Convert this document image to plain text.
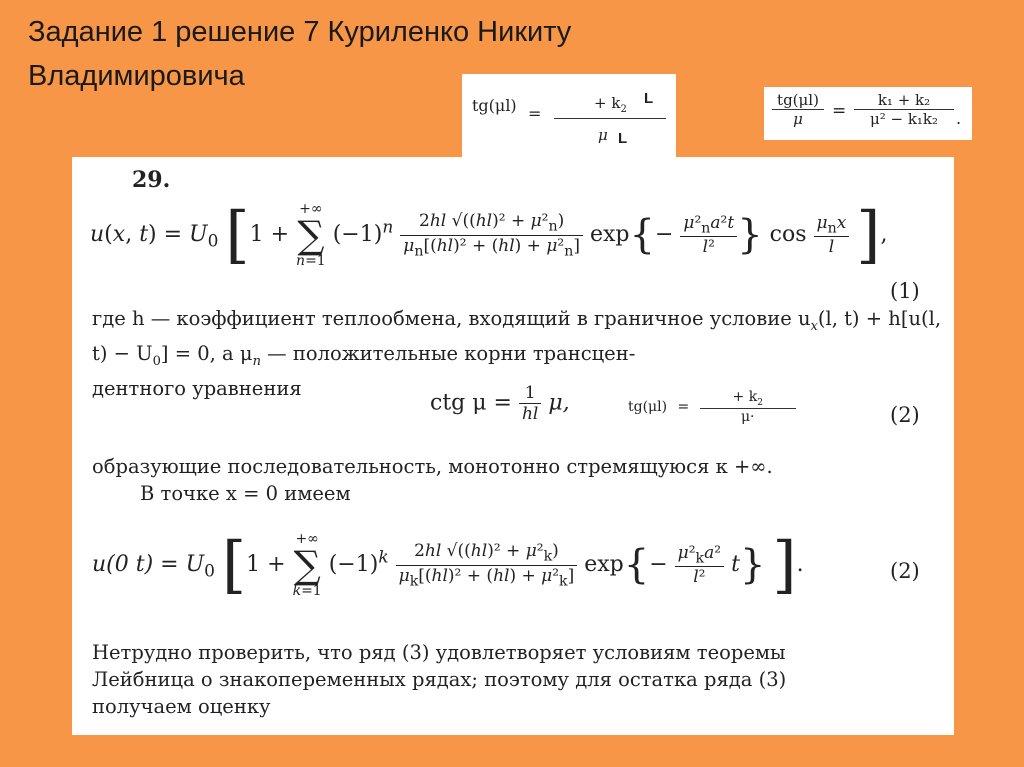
Задание 1 решение 7 Куриленко Никиту
Владимировича
tg(μl) =
+ $k_2$
L
μ L
tg(μl)
μ	=
k₁ + k₂
μ² − k₁k₂	.
29.
u(x, $t) = U_0$ [1 +
+∞
∑
n=1
$(-1)^n \frac{2hl √((hl)^2 + \mu^2_n)}{\mu_n[(hl)^2 + (hl) + \mu^2_n]} \exp\{- \frac{\mu^2_na^2t}{\text{l²}}$ } $\cos \frac{\mu_nx}{l}$ ],
(1)
где h — коэффициент теплообмена, входящий в граничное условие $u_x(l$, t) + h[u(l, $t) - U_0] = 0$, а $\mu_n$ — положительные корни трансцен-
дентного уравнения
ctg $\mu = \frac{1}{hl} \mu$,	$tg(\mu l) = \frac{+ k_2}{\mu\cdot}$	(2)
образующие последовательность, монотонно стремящуюся к +∞.
В точке x = 0 имеем
u(0 $t) = U_0$ [1 +
+∞
∑
k=1
$(-1)^k \frac{2hl √((hl)^2 + \mu^2_k)}{\mu_k[(hl)^2 + (hl) + \mu^2_k]} \exp\{- \frac{\mu^2_ka^2}{\text{l²}} t\}$ ].	(2)
Нетрудно проверить, что ряд (3) удовлетворяет условиям теоремы
Лейбница о знакопеременных рядах; поэтому для остатка ряда (3)
получаем оценку
